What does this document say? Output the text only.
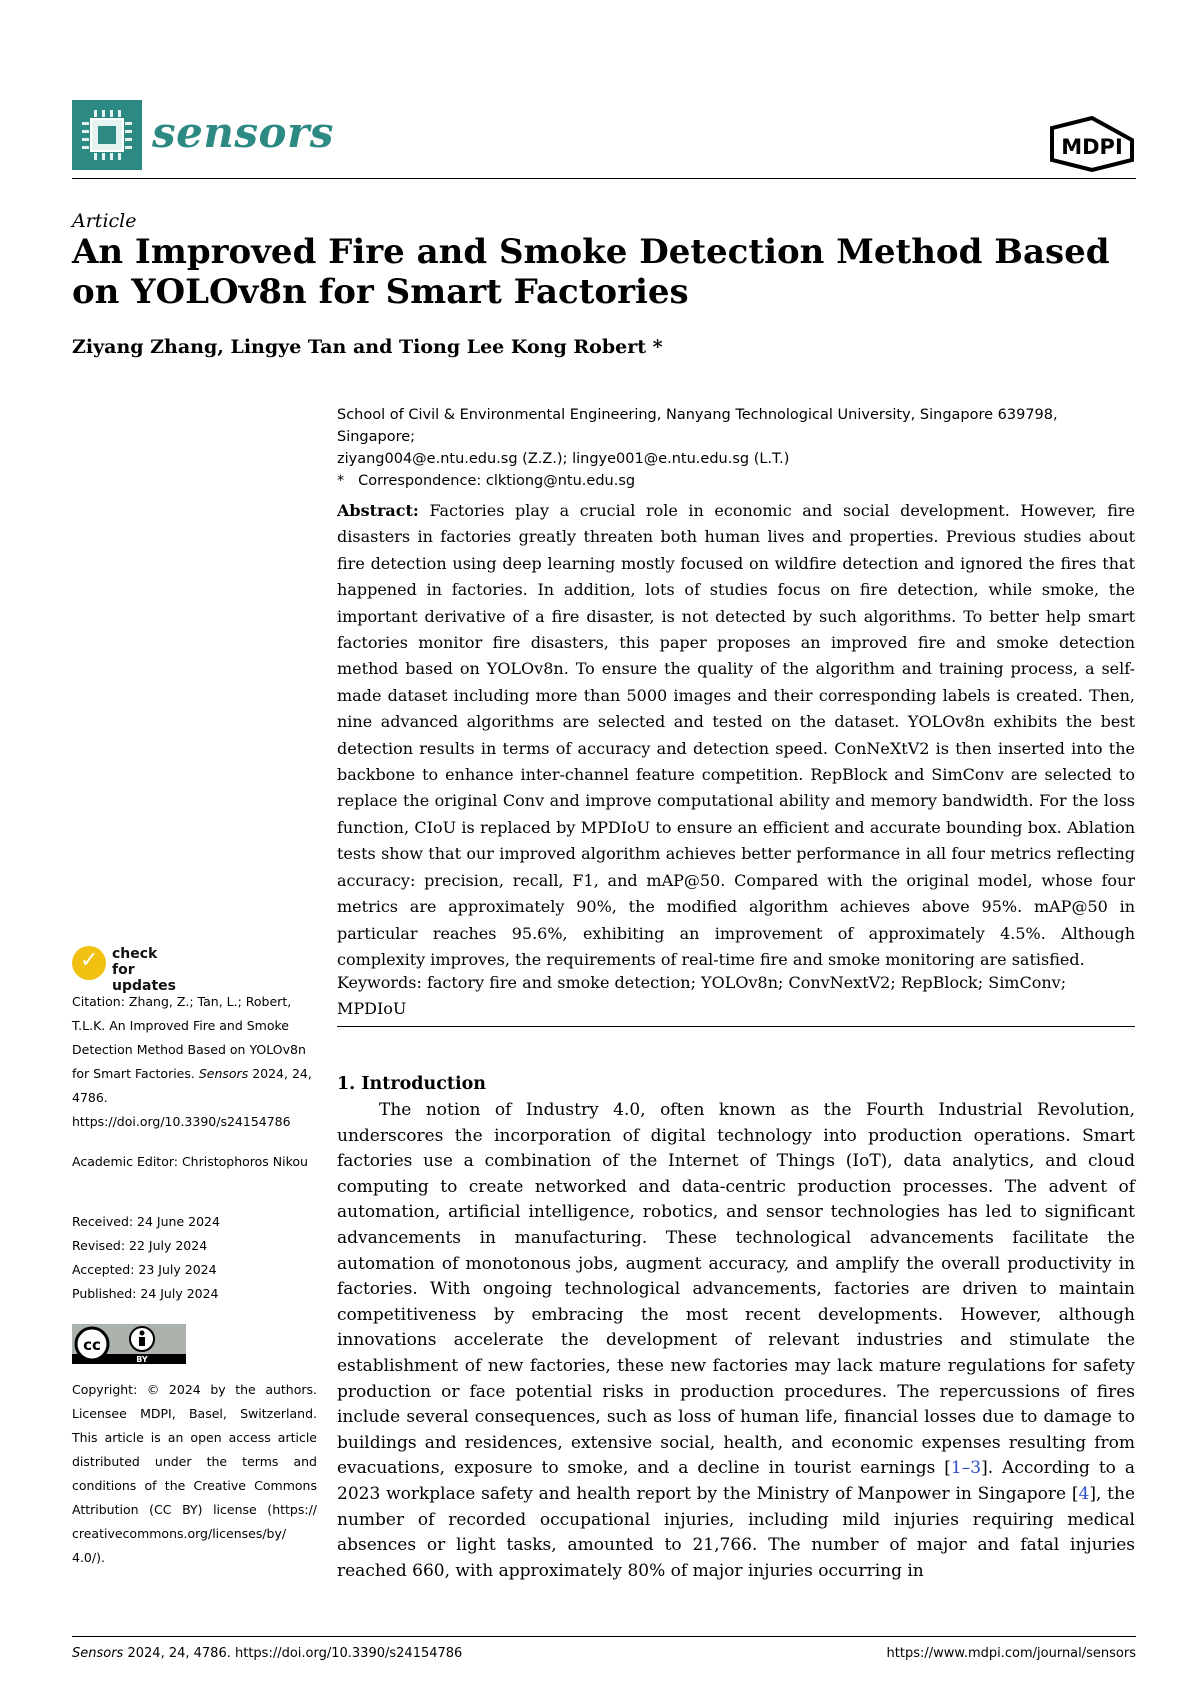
sensors	MDPI
Article
An Improved Fire and Smoke Detection Method Based on YOLOv8n for Smart Factories
Ziyang Zhang, Lingye Tan and Tiong Lee Kong Robert *
School of Civil & Environmental Engineering, Nanyang Technological University, Singapore 639798, Singapore;
ziyang004@e.ntu.edu.sg (Z.Z.); lingye001@e.ntu.edu.sg (L.T.)
*   Correspondence: clktiong@ntu.edu.sg
Abstract: Factories play a crucial role in economic and social development. However, fire disasters in factories greatly threaten both human lives and properties. Previous studies about fire detection using deep learning mostly focused on wildfire detection and ignored the fires that happened in factories. In addition, lots of studies focus on fire detection, while smoke, the important derivative of a fire disaster, is not detected by such algorithms. To better help smart factories monitor fire disasters, this paper proposes an improved fire and smoke detection method based on YOLOv8n. To ensure the quality of the algorithm and training process, a self-made dataset including more than 5000 images and their corresponding labels is created. Then, nine advanced algorithms are selected and tested on the dataset. YOLOv8n exhibits the best detection results in terms of accuracy and detection speed. ConNeXtV2 is then inserted into the backbone to enhance inter-channel feature competition. RepBlock and SimConv are selected to replace the original Conv and improve computational ability and memory bandwidth. For the loss function, CIoU is replaced by MPDIoU to ensure an efficient and accurate bounding box. Ablation tests show that our improved algorithm achieves better performance in all four metrics reflecting accuracy: precision, recall, F1, and mAP@50. Compared with the original model, whose four metrics are approximately 90%, the modified algorithm achieves above 95%. mAP@50 in particular reaches 95.6%, exhibiting an improvement of approximately 4.5%. Although complexity improves, the requirements of real-time fire and smoke monitoring are satisfied.
Keywords: factory fire and smoke detection; YOLOv8n; ConvNextV2; RepBlock; SimConv; MPDIoU
1. Introduction
The notion of Industry 4.0, often known as the Fourth Industrial Revolution, underscores the incorporation of digital technology into production operations. Smart factories use a combination of the Internet of Things (IoT), data analytics, and cloud computing to create networked and data-centric production processes. The advent of automation, artificial intelligence, robotics, and sensor technologies has led to significant advancements in manufacturing. These technological advancements facilitate the automation of monotonous jobs, augment accuracy, and amplify the overall productivity in factories. With ongoing technological advancements, factories are driven to maintain competitiveness by embracing the most recent developments. However, although innovations accelerate the development of relevant industries and stimulate the establishment of new factories, these new factories may lack mature regulations for safety production or face potential risks in production procedures. The repercussions of fires include several consequences, such as loss of human life, financial losses due to damage to buildings and residences, extensive social, health, and economic expenses resulting from evacuations, exposure to smoke, and a decline in tourist earnings [1–3]. According to a 2023 workplace safety and health report by the Ministry of Manpower in Singapore [4], the number of recorded occupational injuries, including mild injuries requiring medical absences or light tasks, amounted to 21,766. The number of major and fatal injuries reached 660, with approximately 80% of major injuries occurring in
✓ check for updates
Citation: Zhang, Z.; Tan, L.; Robert, T.L.K. An Improved Fire and Smoke Detection Method Based on YOLOv8n for Smart Factories. Sensors 2024, 24, 4786. https://doi.org/10.3390/s24154786
Academic Editor: Christophoros Nikou
Received: 24 June 2024
Revised: 22 July 2024
Accepted: 23 July 2024
Published: 24 July 2024
cc
BY
Copyright: © 2024 by the authors. Licensee MDPI, Basel, Switzerland. This article is an open access article distributed under the terms and conditions of the Creative Commons Attribution (CC BY) license (https:// creativecommons.org/licenses/by/ 4.0/).
Sensors 2024, 24, 4786. https://doi.org/10.3390/s24154786	https://www.mdpi.com/journal/sensors
